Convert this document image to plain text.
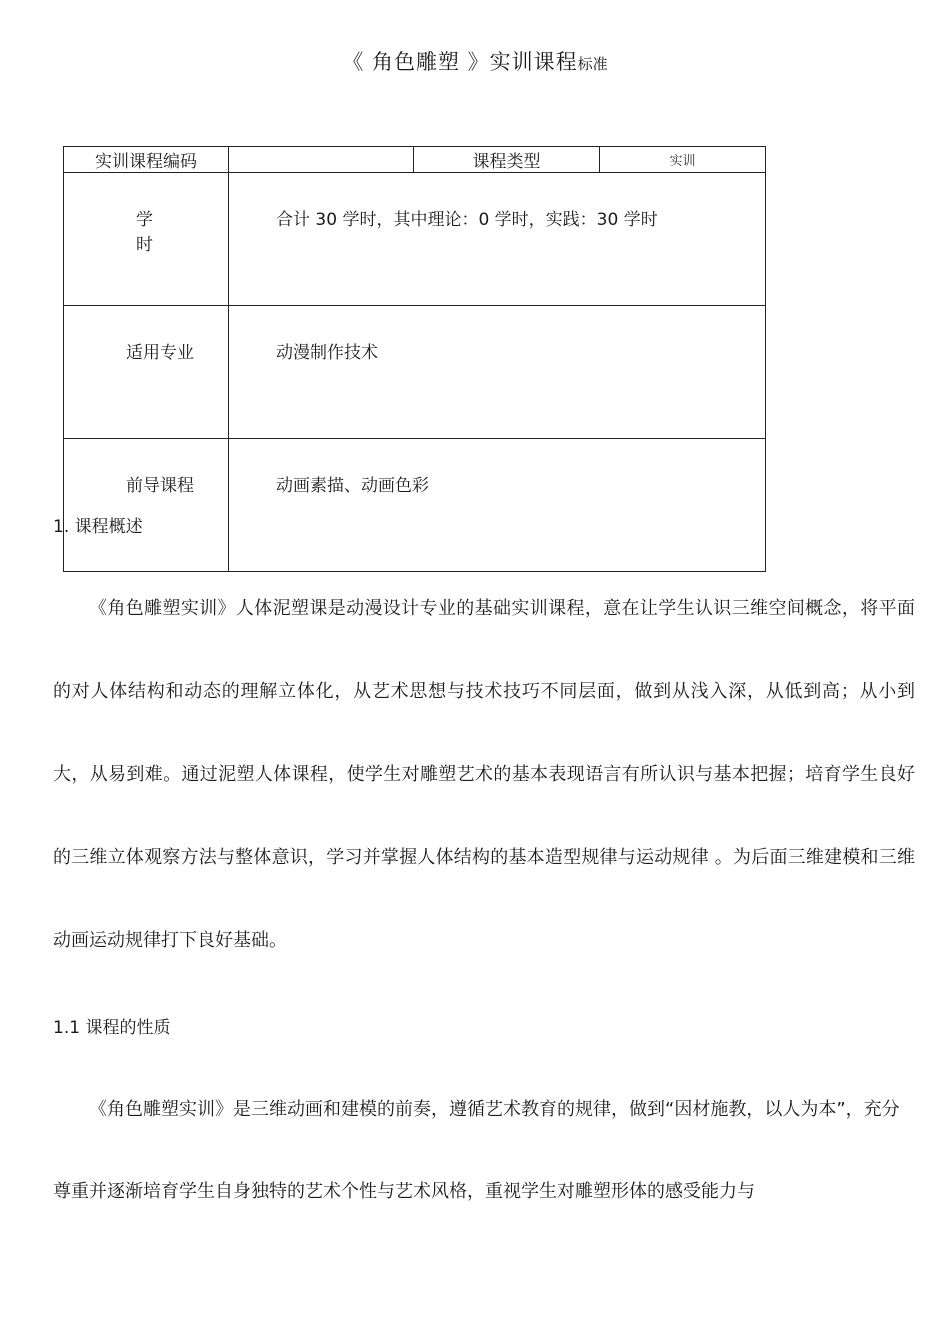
《 角色雕塑 》实训课程标准
实训课程编码		课程类型	实训
学 时	合计 30 学时，其中理论：0 学时，实践：30 学时		
适用专业	动漫制作技术		
前导课程	动画素描、动画色彩		
1. 课程概述
《角色雕塑实训》人体泥塑课是动漫设计专业的基础实训课程，意在让学生认识三维空间概念，将平面的对人体结构和动态的理解立体化，从艺术思想与技术技巧不同层面，做到从浅入深，从低到高；从小到大，从易到难。通过泥塑人体课程，使学生对雕塑艺术的基本表现语言有所认识与基本把握；培育学生良好的三维立体观察方法与整体意识，学习并掌握人体结构的基本造型规律与运动规律 。为后面三维建模和三维动画运动规律打下良好基础。
1.1 课程的性质
《角色雕塑实训》是三维动画和建模的前奏，遵循艺术教育的规律，做到“因材施教，以人为本”，充分尊重并逐渐培育学生自身独特的艺术个性与艺术风格，重视学生对雕塑形体的感受能力与
